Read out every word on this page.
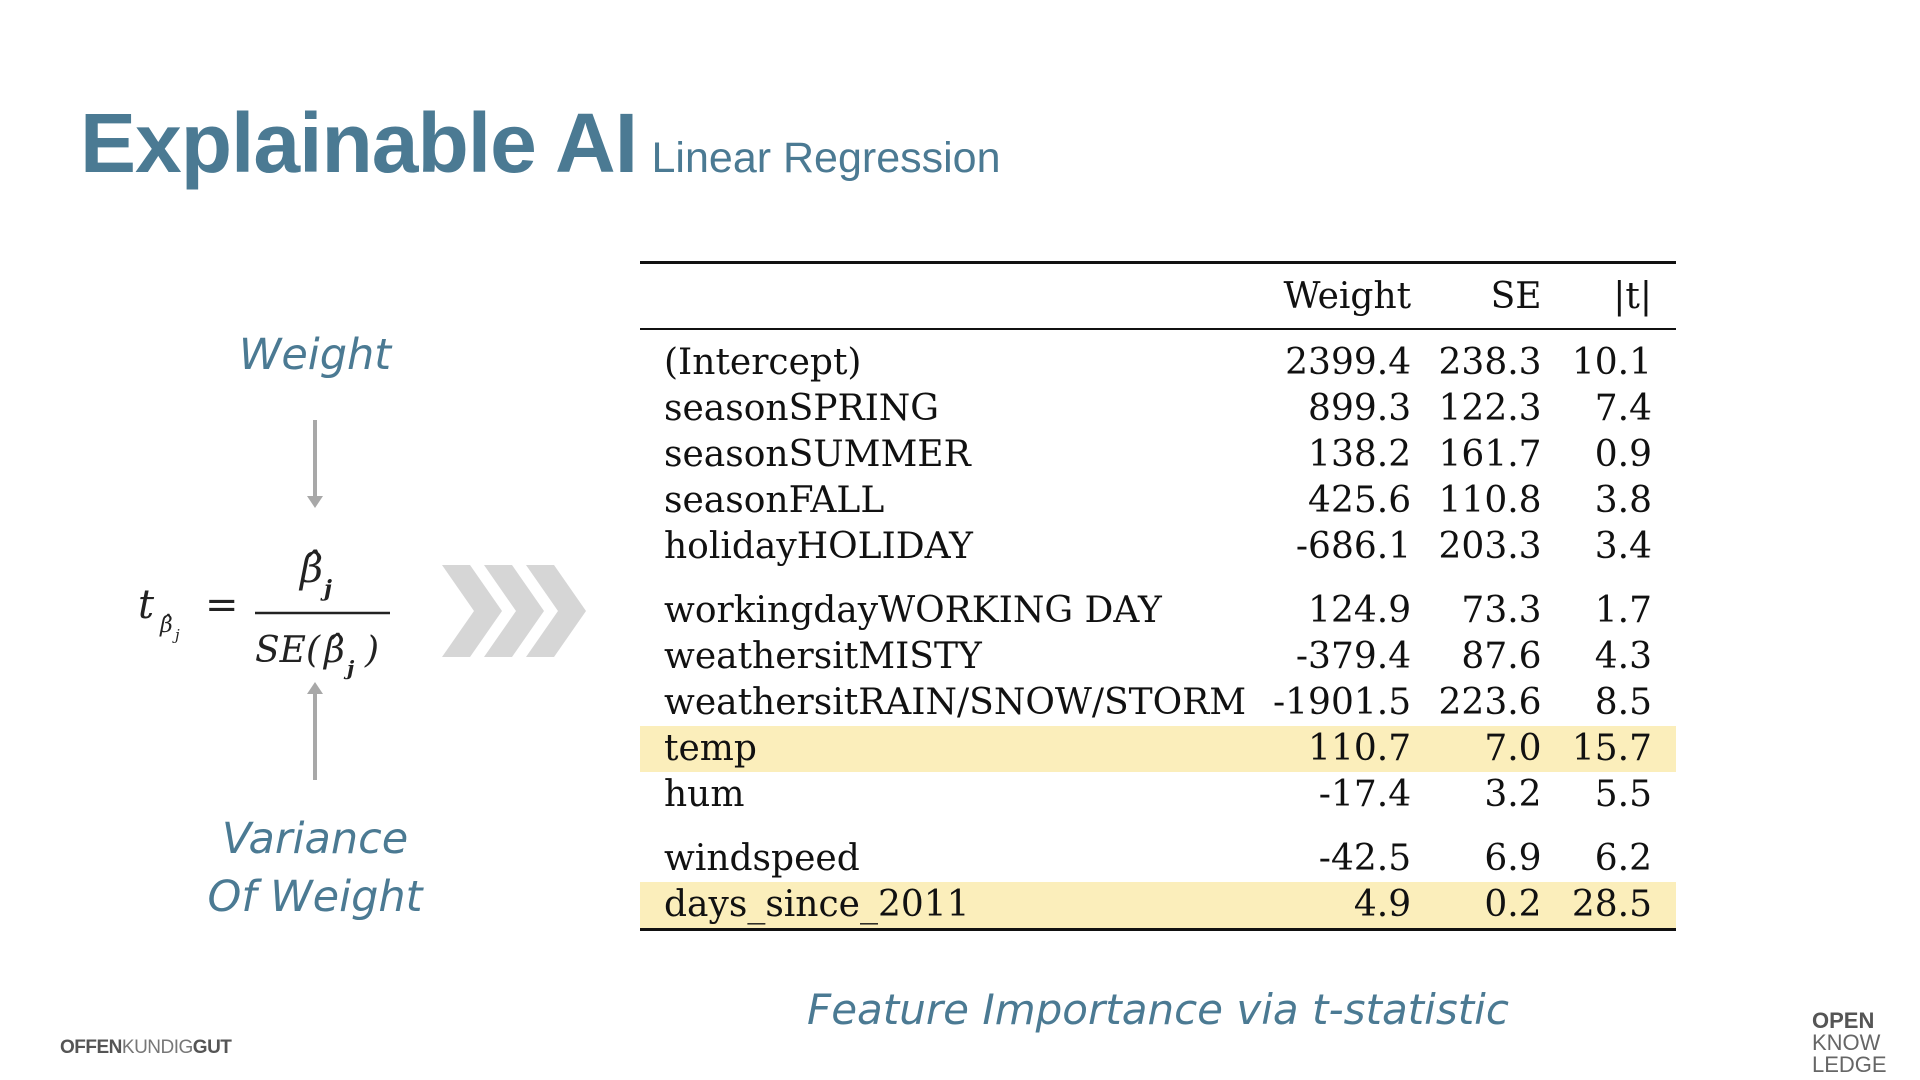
Explainable AI Linear Regression
Weight
t β̂ j
=
β̂ j
SE( β̂ j )
Variance
Of Weight
	Weight	SE	|t|
(Intercept)	2399.4	238.3	10.1
seasonSPRING	899.3	122.3	7.4
seasonSUMMER	138.2	161.7	0.9
seasonFALL	425.6	110.8	3.8
holidayHOLIDAY	-686.1	203.3	3.4
workingdayWORKING DAY	124.9	73.3	1.7
weathersitMISTY	-379.4	87.6	4.3
weathersitRAIN/SNOW/STORM	-1901.5	223.6	8.5
temp	110.7	7.0	15.7
hum	-17.4	3.2	5.5
windspeed	-42.5	6.9	6.2
days_since_2011	4.9	0.2	28.5
Feature Importance via t-statistic
OFFENKUNDIGGUT
OPEN
KNOW
LEDGE
